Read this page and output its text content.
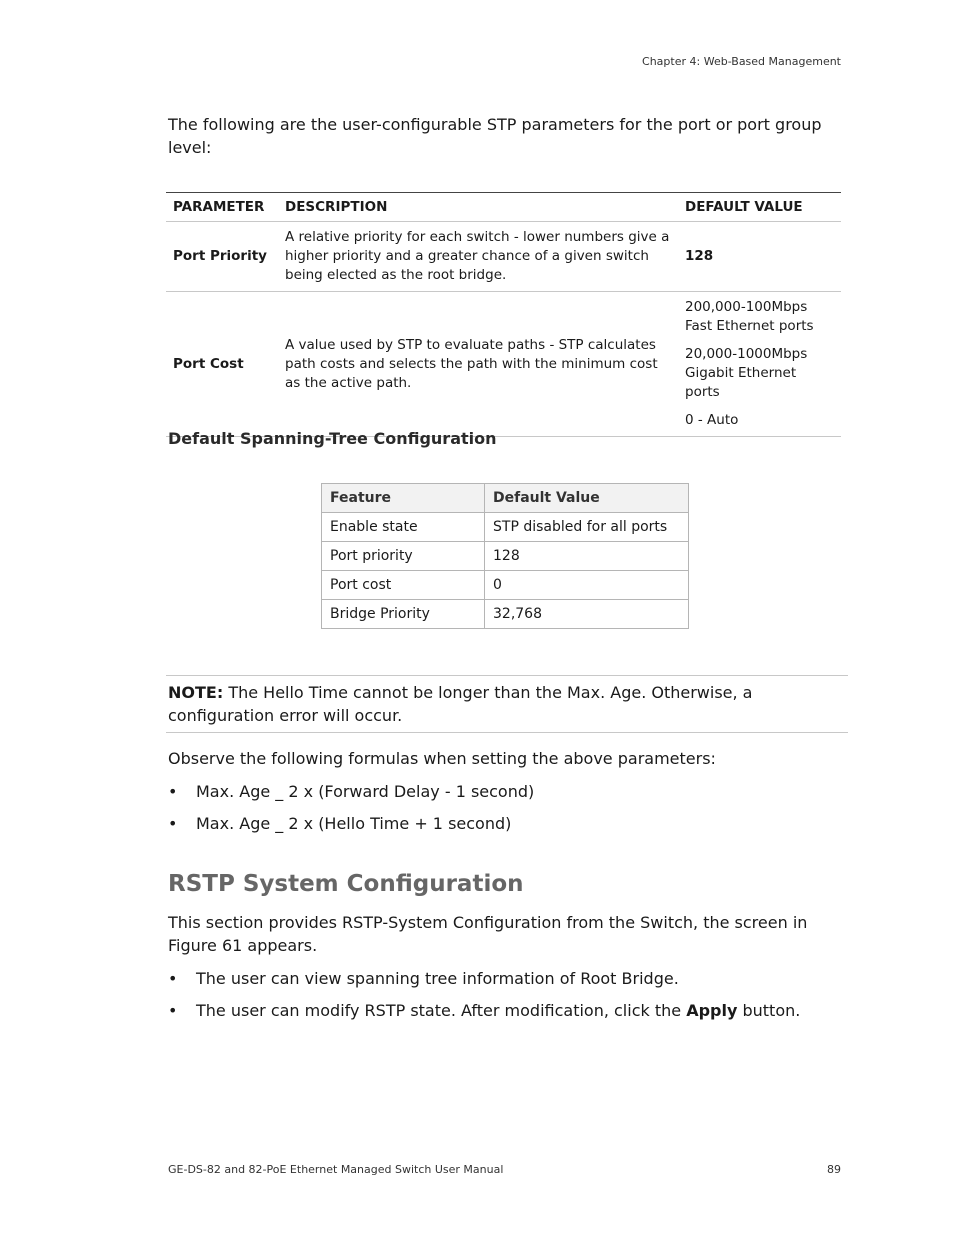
Chapter 4: Web-Based Management
The following are the user-configurable STP parameters for the port or port group level:
PARAMETER	DESCRIPTION	DEFAULT VALUE
Port Priority	A relative priority for each switch - lower numbers give a higher priority and a greater chance of a given switch being elected as the root bridge.	128
Port Cost	A value used by STP to evaluate paths - STP calculates path costs and selects the path with the minimum cost as the active path.	200,000-100Mbps Fast Ethernet ports
20,000-1000Mbps Gigabit Ethernet ports
0 - Auto
Default Spanning-Tree Configuration
Feature	Default Value
Enable state	STP disabled for all ports
Port priority	128
Port cost	0
Bridge Priority	32,768
NOTE: The Hello Time cannot be longer than the Max. Age. Otherwise, a configuration error will occur.
Observe the following formulas when setting the above parameters:
•	Max. Age _ 2 x (Forward Delay - 1 second)
•	Max. Age _ 2 x (Hello Time + 1 second)
RSTP System Configuration
This section provides RSTP-System Configuration from the Switch, the screen in Figure 61 appears.
•	The user can view spanning tree information of Root Bridge.
•	The user can modify RSTP state. After modification, click the Apply button.
GE-DS-82 and 82-PoE Ethernet Managed Switch User Manual	89
